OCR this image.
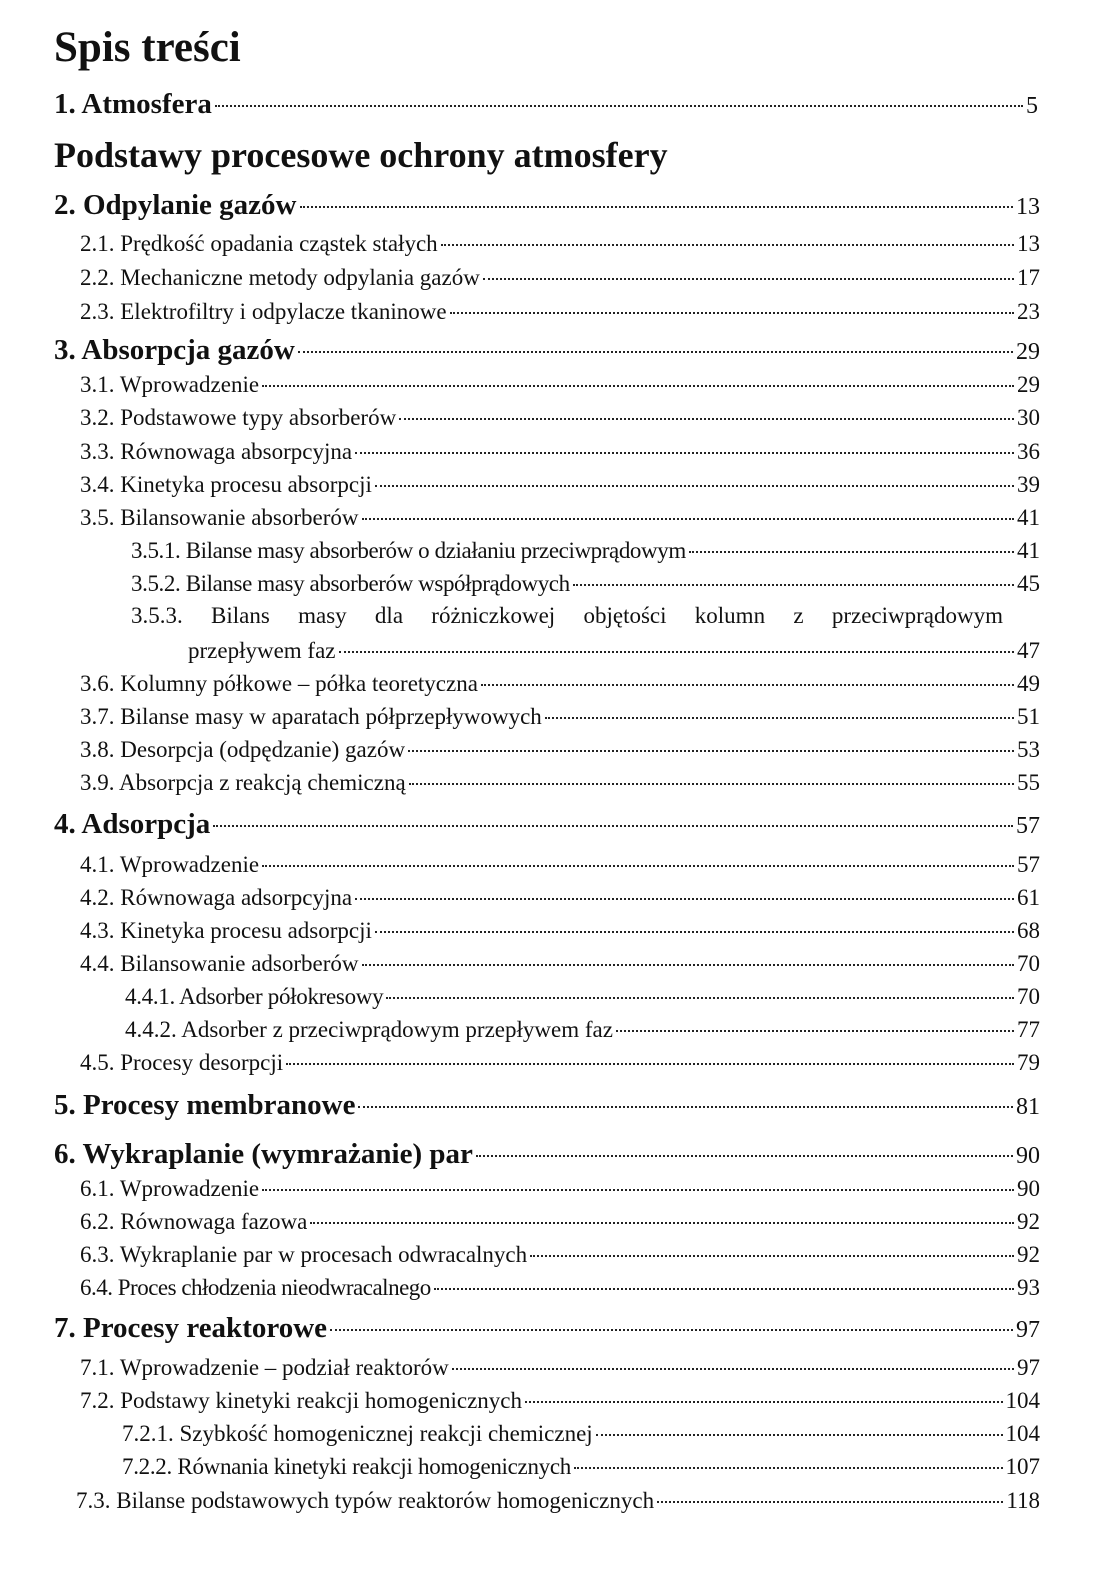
Spis treści
1. Atmosfera	5
Podstawy procesowe ochrony atmosfery
2. Odpylanie gazów	13
2.1. Prędkość opadania cząstek stałych	13
2.2. Mechaniczne metody odpylania gazów	17
2.3. Elektrofiltry i odpylacze tkaninowe	23
3. Absorpcja gazów	29
3.1. Wprowadzenie	29
3.2. Podstawowe typy absorberów	30
3.3. Równowaga absorpcyjna	36
3.4. Kinetyka procesu absorpcji	39
3.5. Bilansowanie absorberów	41
3.5.1. Bilanse masy absorberów o działaniu przeciwprądowym	41
3.5.2. Bilanse masy absorberów współprądowych	45
3.5.3. Bilans masy dla różniczkowej objętości kolumn z przeciwprądowym
przepływem faz	47
3.6. Kolumny półkowe – półka teoretyczna	49
3.7. Bilanse masy w aparatach półprzepływowych	51
3.8. Desorpcja (odpędzanie) gazów	53
3.9. Absorpcja z reakcją chemiczną	55
4. Adsorpcja	57
4.1. Wprowadzenie	57
4.2. Równowaga adsorpcyjna	61
4.3. Kinetyka procesu adsorpcji	68
4.4. Bilansowanie adsorberów	70
4.4.1. Adsorber półokresowy	70
4.4.2. Adsorber z przeciwprądowym przepływem faz	77
4.5. Procesy desorpcji	79
5. Procesy membranowe	81
6. Wykraplanie (wymrażanie) par	90
6.1. Wprowadzenie	90
6.2. Równowaga fazowa	92
6.3. Wykraplanie par w procesach odwracalnych	92
6.4. Proces chłodzenia nieodwracalnego	93
7. Procesy reaktorowe	97
7.1. Wprowadzenie – podział reaktorów	97
7.2. Podstawy kinetyki reakcji homogenicznych	104
7.2.1. Szybkość homogenicznej reakcji chemicznej	104
7.2.2. Równania kinetyki reakcji homogenicznych	107
7.3. Bilanse podstawowych typów reaktorów homogenicznych	118
